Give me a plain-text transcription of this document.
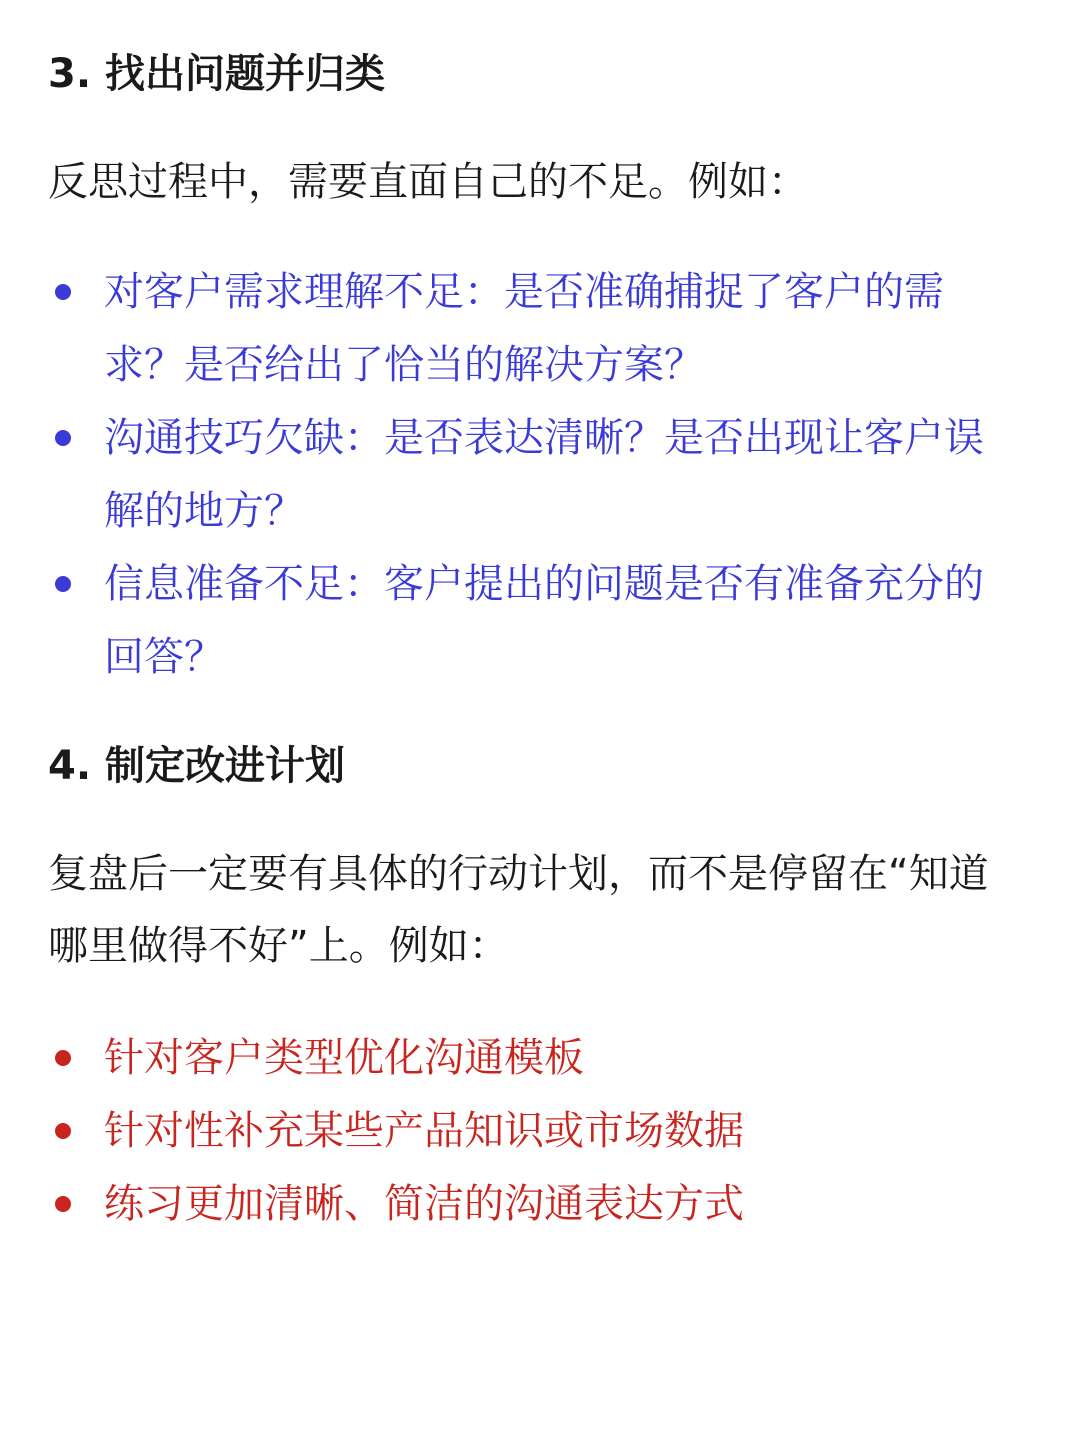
3. 找出问题并归类

反思过程中，需要直面自己的不足。例如：

对客户需求理解不足：是否准确捕捉了客户的需
求？是否给出了恰当的解决方案？
沟通技巧欠缺：是否表达清晰？是否出现让客户误
解的地方？
信息准备不足：客户提出的问题是否有准备充分的
回答？
4. 制定改进计划

复盘后一定要有具体的行动计划，而不是停留在“知道
哪里做得不好”上。例如：

针对客户类型优化沟通模板
针对性补充某些产品知识或市场数据
练习更加清晰、简洁的沟通表达方式
